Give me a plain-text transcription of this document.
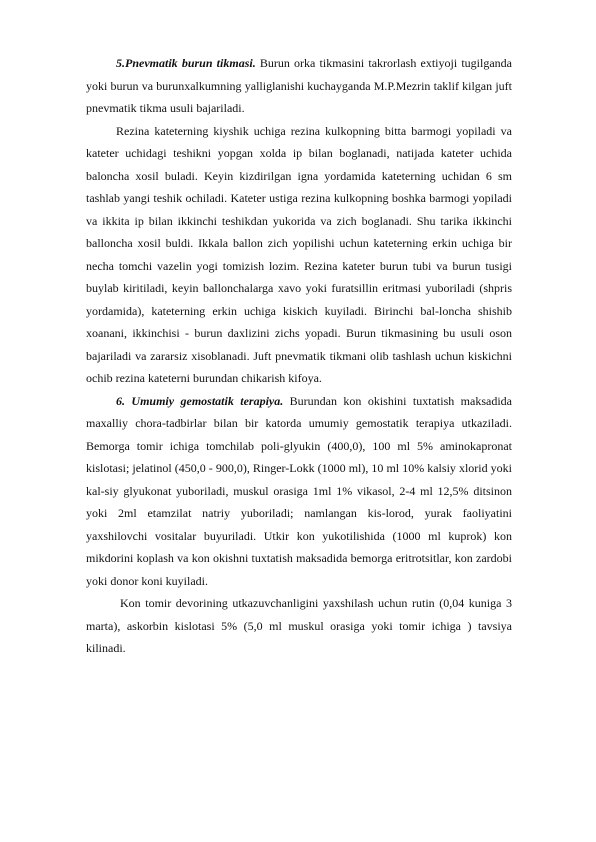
5.Pnevmatik burun tikmasi. Burun orka tikmasini takrorlash extiyoji tugilganda yoki burun va burunxalkumning yalliglanishi kuchayganda M.P.Mezrin taklif kilgan juft pnevmatik tikma usuli bajariladi.

Rezina kateterning kiyshik uchiga rezina kulkopning bitta barmogi yopiladi va kateter uchidagi teshikni yopgan xolda ip bilan boglanadi, natijada kateter uchida baloncha xosil buladi. Keyin kizdirilgan igna yordamida kateterning uchidan 6 sm tashlab yangi teshik ochiladi. Kateter ustiga rezina kulkopning boshka barmogi yopiladi va ikkita ip bilan ikkinchi teshikdan yukorida va zich boglanadi. Shu tarika ikkinchi balloncha xosil buldi. Ikkala ballon zich yopilishi uchun kateterning erkin uchiga bir necha tomchi vazelin yogi tomizish lozim. Rezina kateter burun tubi va burun tusigi buylab kiritiladi, keyin ballonchalarga xavo yoki furatsillin eritmasi yuboriladi (shpris yordamida), kateterning erkin uchiga kiskich kuyiladi. Birinchi bal-loncha shishib xoanani, ikkinchisi - burun daxlizini zichs yopadi. Burun tikmasining bu usuli oson bajariladi va zararsiz xisoblanadi. Juft pnevmatik tikmani olib tashlash uchun kiskichni ochib rezina kateterni burundan chikarish kifoya.

6. Umumiy gemostatik terapiya. Burundan kon okishini tuxtatish maksadida maxalliy chora-tadbirlar bilan bir katorda umumiy gemostatik terapiya utkaziladi. Bemorga tomir ichiga tomchilab poli-glyukin (400,0), 100 ml 5% aminokapronat kislotasi; jelatinol (450,0 - 900,0), Ringer-Lokk (1000 ml), 10 ml 10% kalsiy xlorid yoki kal-siy glyukonat yuboriladi, muskul orasiga 1ml 1% vikasol, 2-4 ml 12,5% ditsinon yoki 2ml etamzilat natriy yuboriladi; namlangan kis-lorod, yurak faoliyatini yaxshilovchi vositalar buyuriladi. Utkir kon yukotilishida (1000 ml kuprok) kon mikdorini koplash va kon okishni tuxtatish maksadida bemorga eritrotsitlar, kon zardobi yoki donor koni kuyiladi.

Kon tomir devorining utkazuvchanligini yaxshilash uchun rutin (0,04 kuniga 3 marta), askorbin kislotasi 5% (5,0 ml muskul orasiga yoki tomir ichiga ) tavsiya kilinadi.
